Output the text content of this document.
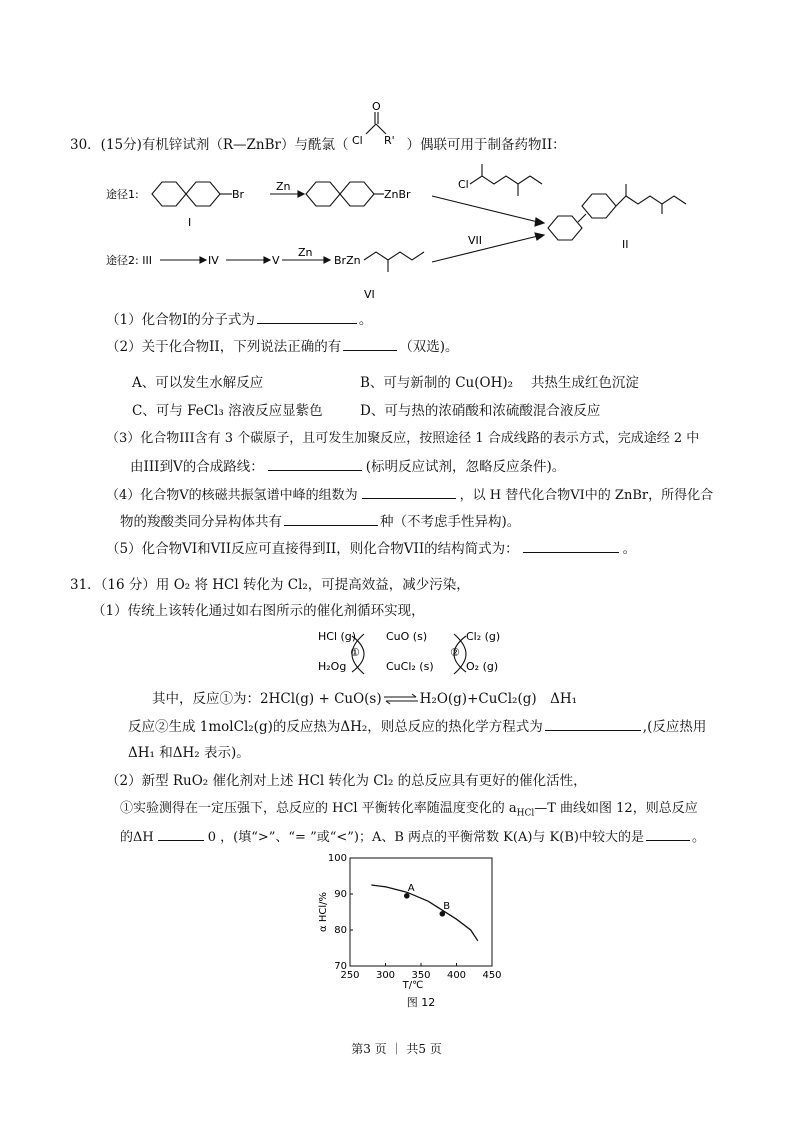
30．(15分)有机锌试剂（R—ZnBr）与酰氯（	）偶联可用于制备药物II：
O
Cl R'
途径1:	Br
Zn
ZnBr
I
Cl
II
途径2: III	IV	V
Zn
BrZn
VI
VII
（1）化合物I的分子式为	。
（2）关于化合物II，下列说法正确的有	（双选)。
A、可以发生水解反应	B、可与新制的 Cu(OH)₂　 共热生成红色沉淀
C、可与 FeCl₃ 溶液反应显紫色	D、可与热的浓硝酸和浓硫酸混合液反应
（3）化合物III含有 3 个碳原子，且可发生加聚反应，按照途径 1 合成线路的表示方式，完成途经 2 中
由III到V的合成路线：	(标明反应试剂，忽略反应条件)。
（4）化合物V的核磁共振氢谱中峰的组数为	，以 H 替代化合物VI中的 ZnBr，所得化合
物的羧酸类同分异构体共有	种（不考虑手性异构)。
（5）化合物VI和VII反应可直接得到II，则化合物VII的结构简式为：	。
31．（16 分）用 O₂ 将 HCl 转化为 Cl₂，可提高效益，减少污染，
（1）传统上该转化通过如右图所示的催化剂循环实现，
HCl (g)
H₂Og
CuO (s)
CuCl₂ (s)
Cl₂ (g)
O₂ (g)
①	②
其中，反应①为：2HCl(g) + CuO(s)	H₂O(g)+CuCl₂(g)　ΔH₁
反应②生成 1molCl₂(g)的反应热为ΔH₂，则总反应的热化学方程式为	,(反应热用
ΔH₁ 和ΔH₂ 表示)。
（2）新型 RuO₂ 催化剂对上述 HCl 转化为 Cl₂ 的总反应具有更好的催化活性，
①实验测得在一定压强下，总反应的 HCl 平衡转化率随温度变化的 $a_{HCl}—T$ 曲线如图 12，则总反应
的ΔH	0 ，(填“>”、“= ”或“<”)；A、B 两点的平衡常数 K(A)与 K(B)中较大的是	。
250 300 350 400 450
70
80
90
100
T/℃
α HCl/%
图 12
A
B
第3 页 ｜ 共5 页
